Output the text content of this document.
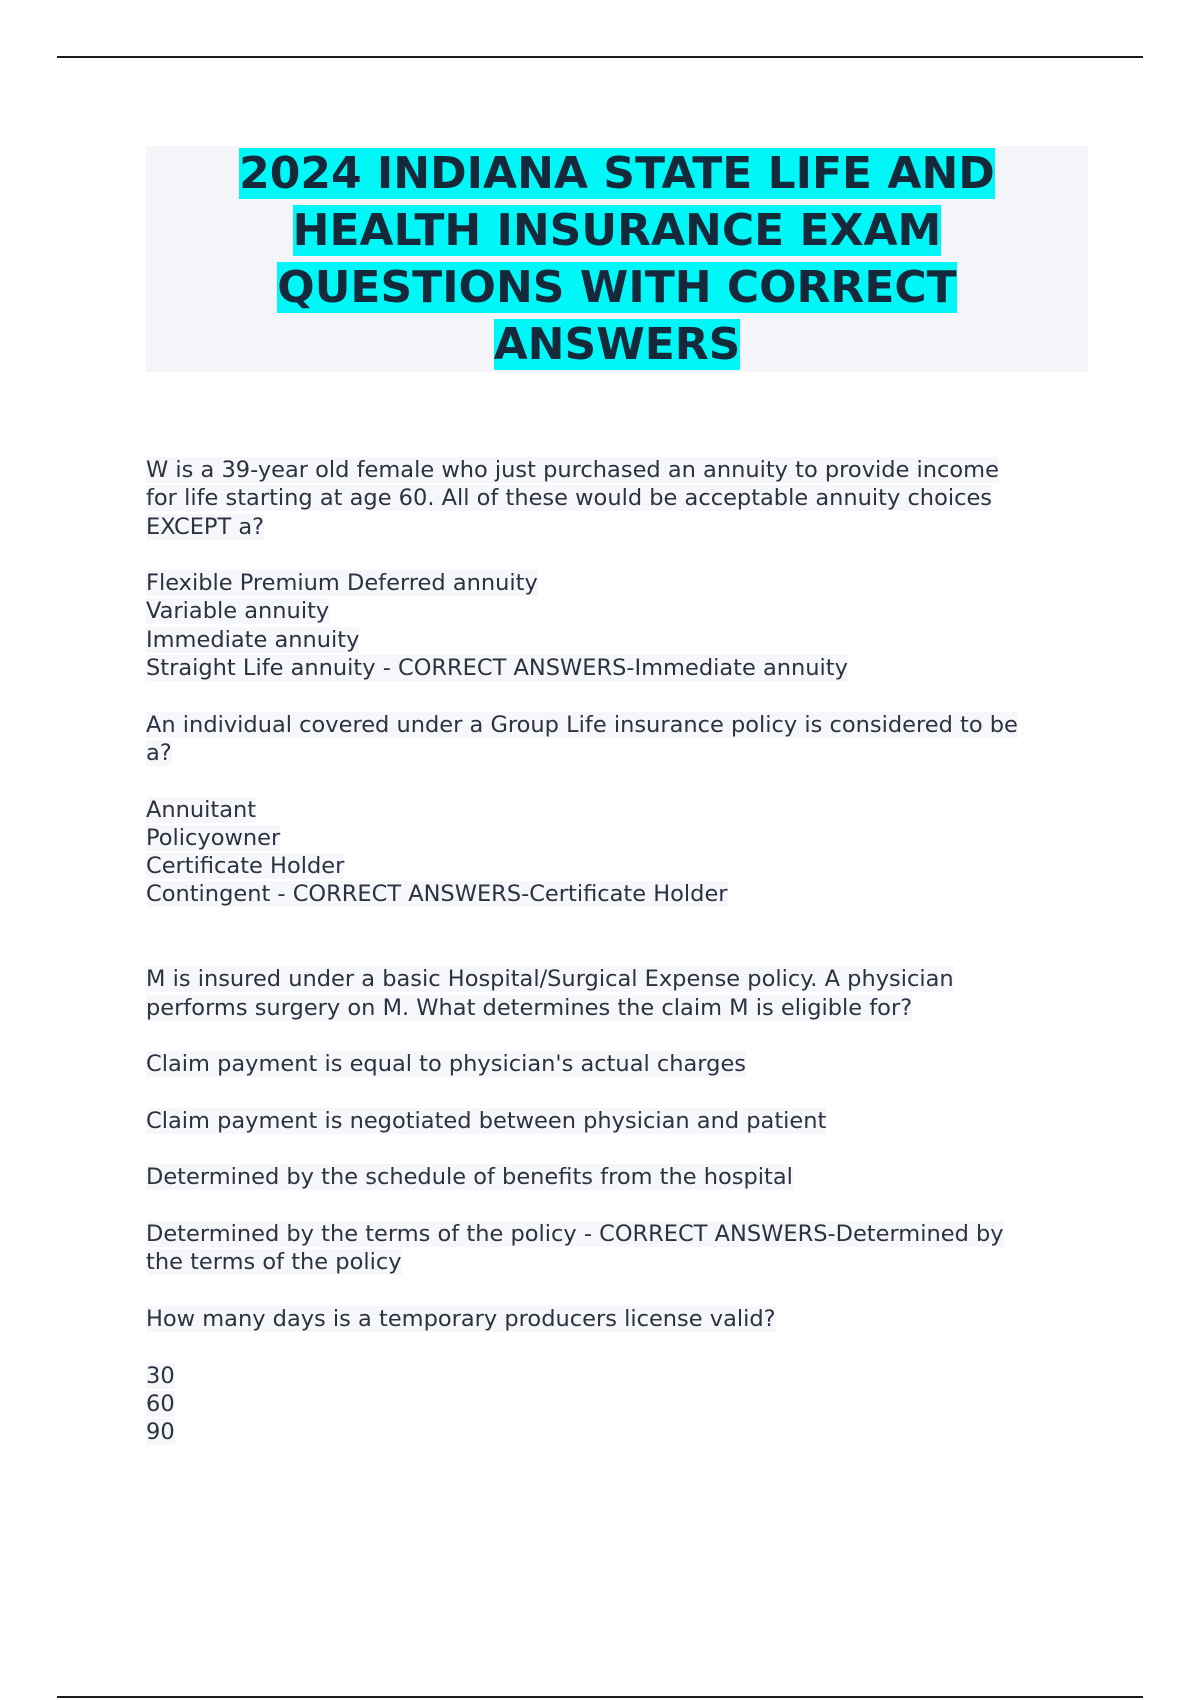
2024 INDIANA STATE LIFE AND HEALTH INSURANCE EXAM QUESTIONS WITH CORRECT ANSWERS
W is a 39-year old female who just purchased an annuity to provide income
for life starting at age 60. All of these would be acceptable annuity choices
EXCEPT a?
Flexible Premium Deferred annuity
Variable annuity
Immediate annuity
Straight Life annuity - CORRECT ANSWERS-Immediate annuity
An individual covered under a Group Life insurance policy is considered to be
a?
Annuitant
Policyowner
Certificate Holder
Contingent - CORRECT ANSWERS-Certificate Holder
M is insured under a basic Hospital/Surgical Expense policy. A physician
performs surgery on M. What determines the claim M is eligible for?
Claim payment is equal to physician's actual charges
Claim payment is negotiated between physician and patient
Determined by the schedule of benefits from the hospital
Determined by the terms of the policy - CORRECT ANSWERS-Determined by
the terms of the policy
How many days is a temporary producers license valid?
30
60
90
